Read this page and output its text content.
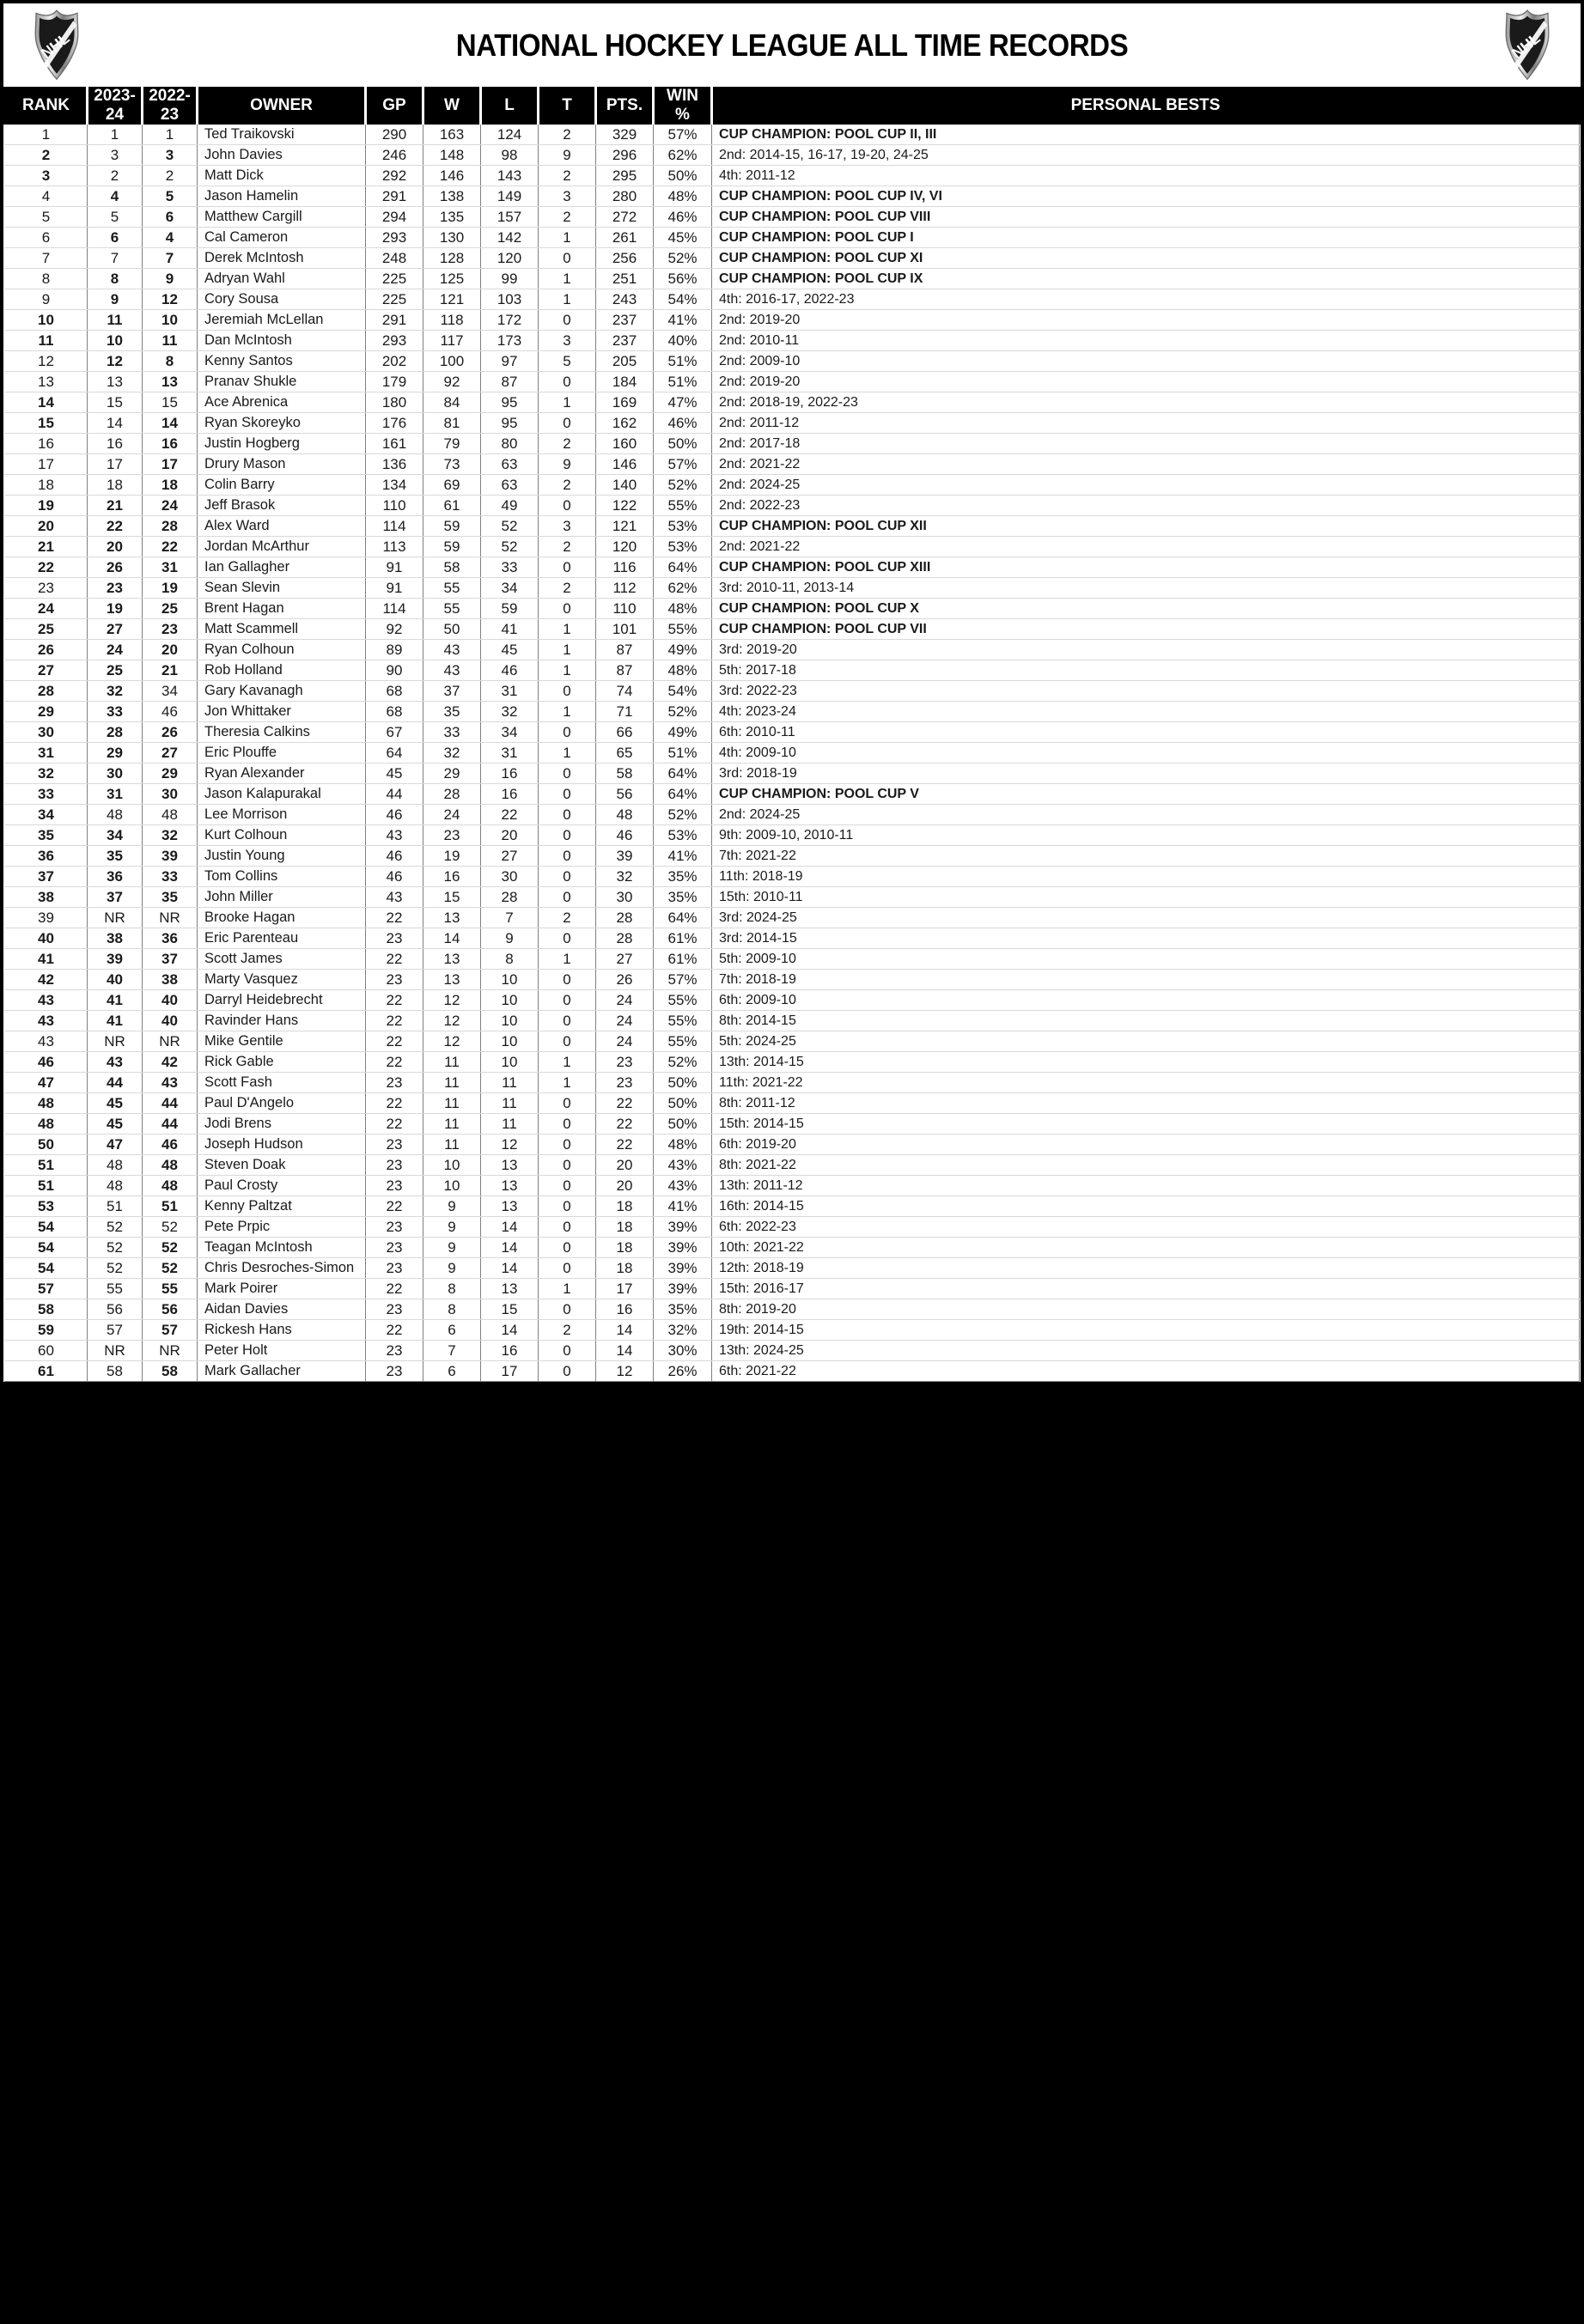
NHL	NATIONAL HOCKEY LEAGUE ALL TIME RECORDS	NHL
RANK	2023-24	2022-23	OWNER	GP	W	L	T	PTS.	WIN %	PERSONAL BESTS
1	1	1	Ted Traikovski	290	163	124	2	329	57%	CUP CHAMPION: POOL CUP II, III
2	3	3	John Davies	246	148	98	9	296	62%	2nd: 2014-15, 16-17, 19-20, 24-25
3	2	2	Matt Dick	292	146	143	2	295	50%	4th: 2011-12
4	4	5	Jason Hamelin	291	138	149	3	280	48%	CUP CHAMPION: POOL CUP IV, VI
5	5	6	Matthew Cargill	294	135	157	2	272	46%	CUP CHAMPION: POOL CUP VIII
6	6	4	Cal Cameron	293	130	142	1	261	45%	CUP CHAMPION: POOL CUP I
7	7	7	Derek McIntosh	248	128	120	0	256	52%	CUP CHAMPION: POOL CUP XI
8	8	9	Adryan Wahl	225	125	99	1	251	56%	CUP CHAMPION: POOL CUP IX
9	9	12	Cory Sousa	225	121	103	1	243	54%	4th: 2016-17, 2022-23
10	11	10	Jeremiah McLellan	291	118	172	0	237	41%	2nd: 2019-20
11	10	11	Dan McIntosh	293	117	173	3	237	40%	2nd: 2010-11
12	12	8	Kenny Santos	202	100	97	5	205	51%	2nd: 2009-10
13	13	13	Pranav Shukle	179	92	87	0	184	51%	2nd: 2019-20
14	15	15	Ace Abrenica	180	84	95	1	169	47%	2nd: 2018-19, 2022-23
15	14	14	Ryan Skoreyko	176	81	95	0	162	46%	2nd: 2011-12
16	16	16	Justin Hogberg	161	79	80	2	160	50%	2nd: 2017-18
17	17	17	Drury Mason	136	73	63	9	146	57%	2nd: 2021-22
18	18	18	Colin Barry	134	69	63	2	140	52%	2nd: 2024-25
19	21	24	Jeff Brasok	110	61	49	0	122	55%	2nd: 2022-23
20	22	28	Alex Ward	114	59	52	3	121	53%	CUP CHAMPION: POOL CUP XII
21	20	22	Jordan McArthur	113	59	52	2	120	53%	2nd: 2021-22
22	26	31	Ian Gallagher	91	58	33	0	116	64%	CUP CHAMPION: POOL CUP XIII
23	23	19	Sean Slevin	91	55	34	2	112	62%	3rd: 2010-11, 2013-14
24	19	25	Brent Hagan	114	55	59	0	110	48%	CUP CHAMPION: POOL CUP X
25	27	23	Matt Scammell	92	50	41	1	101	55%	CUP CHAMPION: POOL CUP VII
26	24	20	Ryan Colhoun	89	43	45	1	87	49%	3rd: 2019-20
27	25	21	Rob Holland	90	43	46	1	87	48%	5th: 2017-18
28	32	34	Gary Kavanagh	68	37	31	0	74	54%	3rd: 2022-23
29	33	46	Jon Whittaker	68	35	32	1	71	52%	4th: 2023-24
30	28	26	Theresia Calkins	67	33	34	0	66	49%	6th: 2010-11
31	29	27	Eric Plouffe	64	32	31	1	65	51%	4th: 2009-10
32	30	29	Ryan Alexander	45	29	16	0	58	64%	3rd: 2018-19
33	31	30	Jason Kalapurakal	44	28	16	0	56	64%	CUP CHAMPION: POOL CUP V
34	48	48	Lee Morrison	46	24	22	0	48	52%	2nd: 2024-25
35	34	32	Kurt Colhoun	43	23	20	0	46	53%	9th: 2009-10, 2010-11
36	35	39	Justin Young	46	19	27	0	39	41%	7th: 2021-22
37	36	33	Tom Collins	46	16	30	0	32	35%	11th: 2018-19
38	37	35	John Miller	43	15	28	0	30	35%	15th: 2010-11
39	NR	NR	Brooke Hagan	22	13	7	2	28	64%	3rd: 2024-25
40	38	36	Eric Parenteau	23	14	9	0	28	61%	3rd: 2014-15
41	39	37	Scott James	22	13	8	1	27	61%	5th: 2009-10
42	40	38	Marty Vasquez	23	13	10	0	26	57%	7th: 2018-19
43	41	40	Darryl Heidebrecht	22	12	10	0	24	55%	6th: 2009-10
43	41	40	Ravinder Hans	22	12	10	0	24	55%	8th: 2014-15
43	NR	NR	Mike Gentile	22	12	10	0	24	55%	5th: 2024-25
46	43	42	Rick Gable	22	11	10	1	23	52%	13th: 2014-15
47	44	43	Scott Fash	23	11	11	1	23	50%	11th: 2021-22
48	45	44	Paul D'Angelo	22	11	11	0	22	50%	8th: 2011-12
48	45	44	Jodi Brens	22	11	11	0	22	50%	15th: 2014-15
50	47	46	Joseph Hudson	23	11	12	0	22	48%	6th: 2019-20
51	48	48	Steven Doak	23	10	13	0	20	43%	8th: 2021-22
51	48	48	Paul Crosty	23	10	13	0	20	43%	13th: 2011-12
53	51	51	Kenny Paltzat	22	9	13	0	18	41%	16th: 2014-15
54	52	52	Pete Prpic	23	9	14	0	18	39%	6th: 2022-23
54	52	52	Teagan McIntosh	23	9	14	0	18	39%	10th: 2021-22
54	52	52	Chris Desroches-Simon	23	9	14	0	18	39%	12th: 2018-19
57	55	55	Mark Poirer	22	8	13	1	17	39%	15th: 2016-17
58	56	56	Aidan Davies	23	8	15	0	16	35%	8th: 2019-20
59	57	57	Rickesh Hans	22	6	14	2	14	32%	19th: 2014-15
60	NR	NR	Peter Holt	23	7	16	0	14	30%	13th: 2024-25
61	58	58	Mark Gallacher	23	6	17	0	12	26%	6th: 2021-22
